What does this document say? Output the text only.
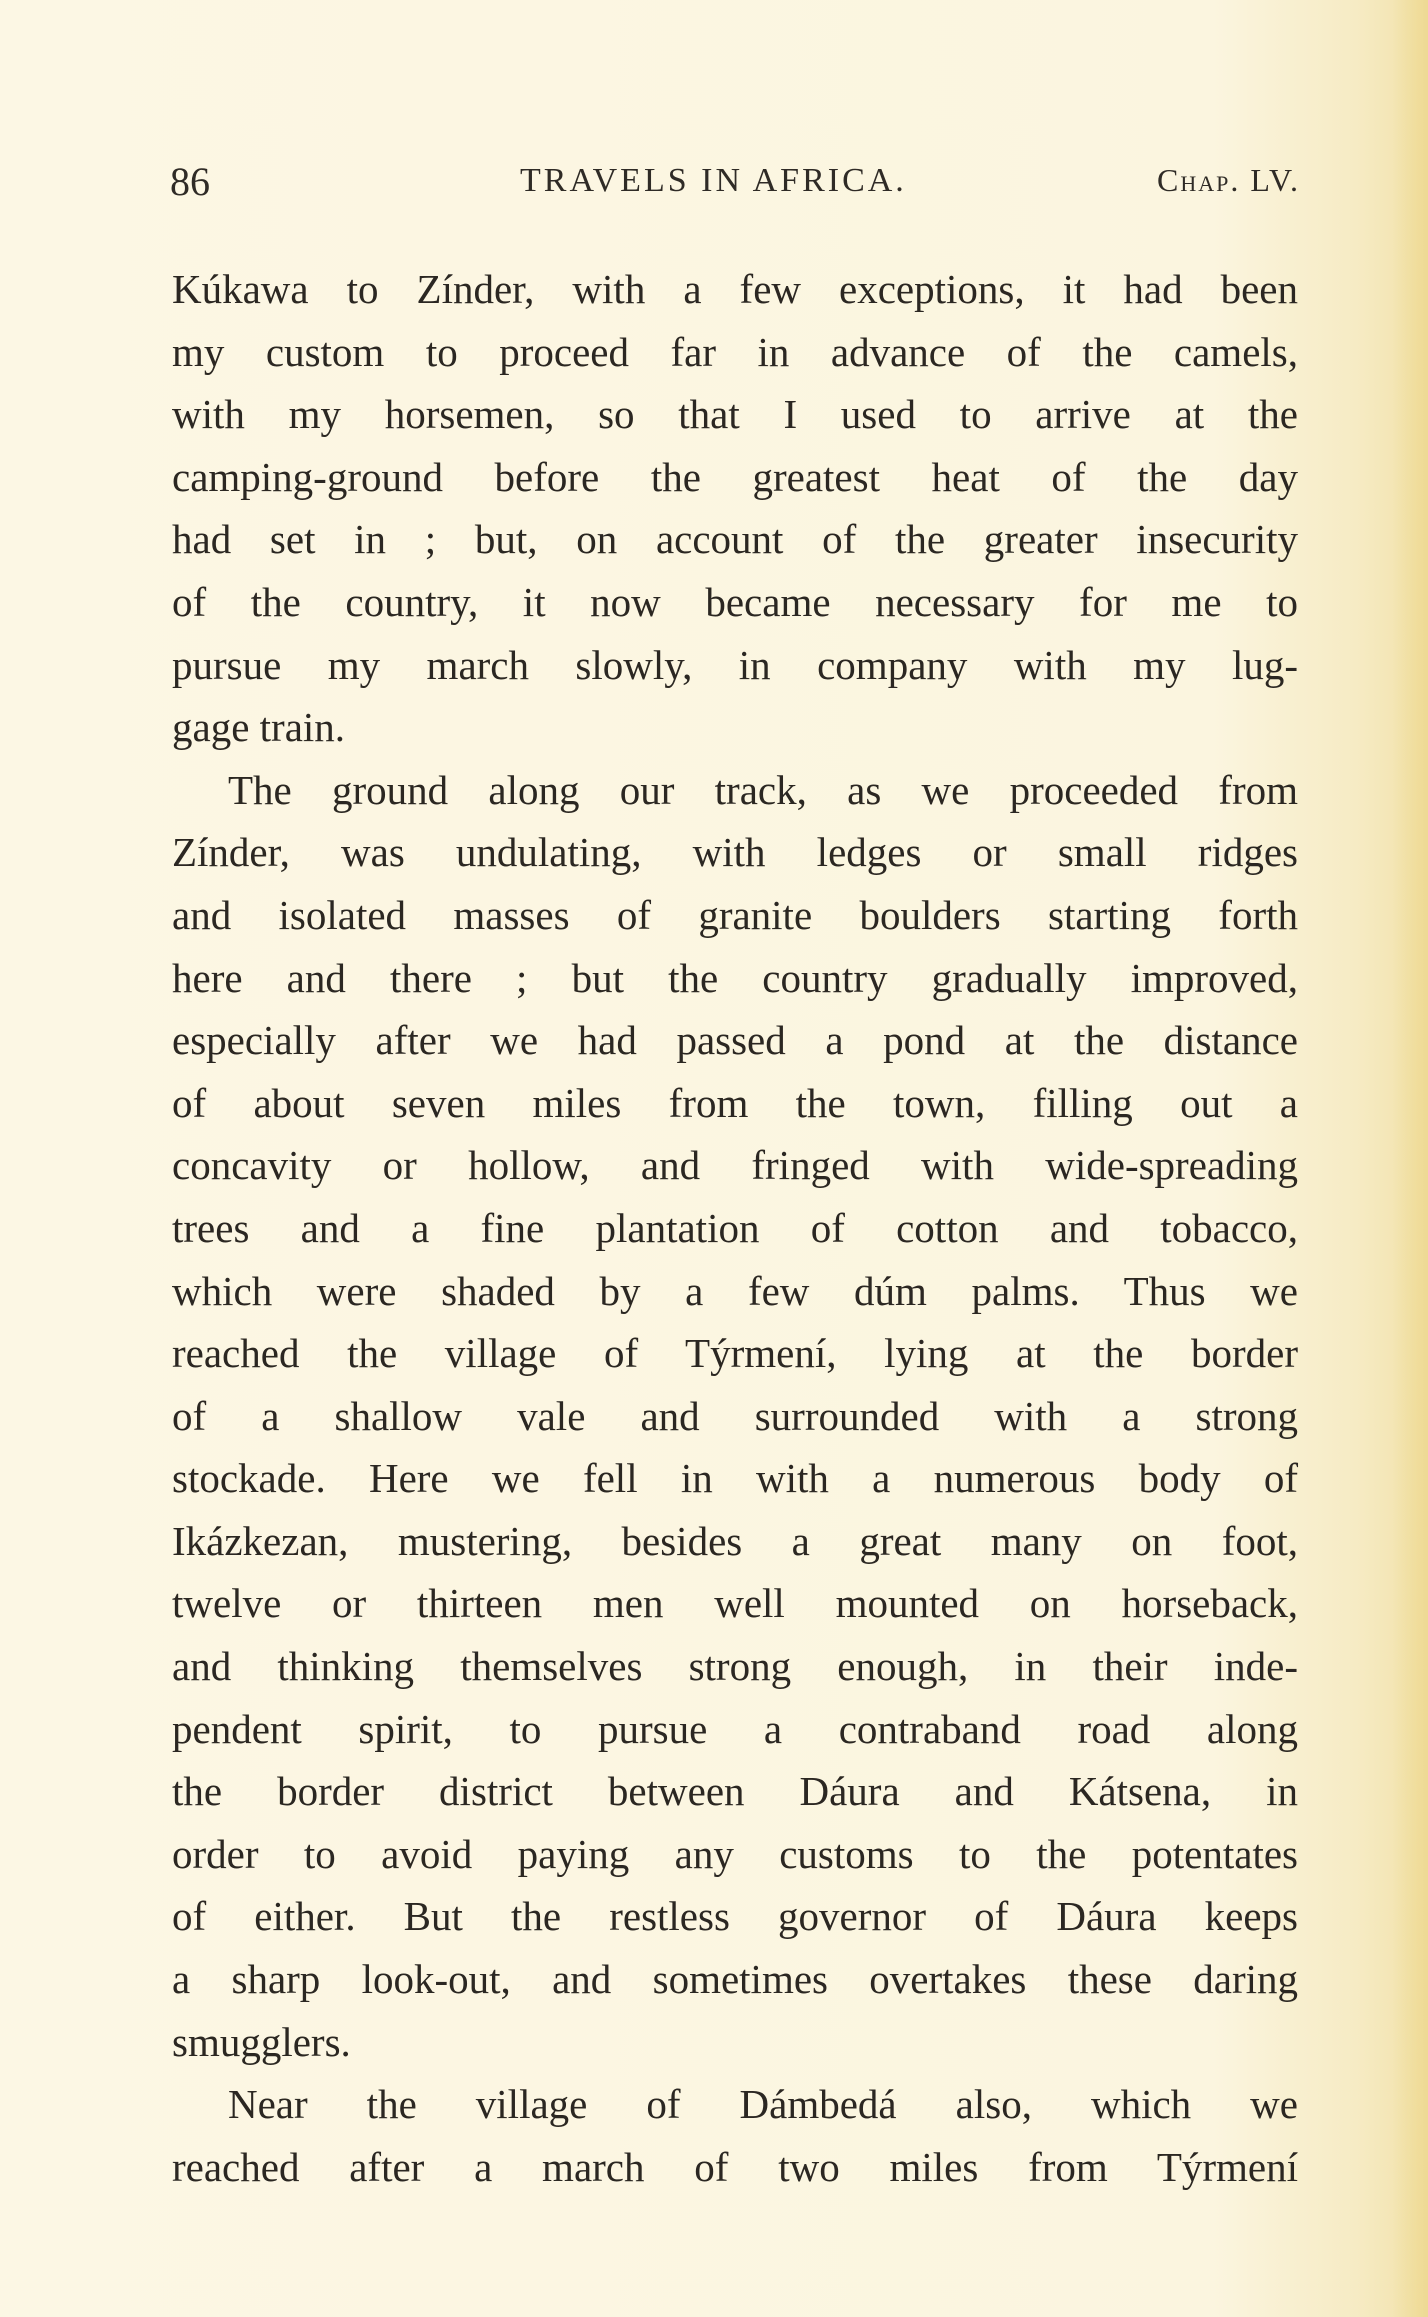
86	TRAVELS IN AFRICA.	Chap. LV.
Kúkawa to Zínder, with a few exceptions, it had been
my custom to proceed far in advance of the camels,
with my horsemen, so that I used to arrive at the
camping-ground before the greatest heat of the day
had set in ; but, on account of the greater insecurity
of the country, it now became necessary for me to
pursue my march slowly, in company with my lug-
gage train.
The ground along our track, as we proceeded from
Zínder, was undulating, with ledges or small ridges
and isolated masses of granite boulders starting forth
here and there ; but the country gradually improved,
especially after we had passed a pond at the distance
of about seven miles from the town, filling out a
concavity or hollow, and fringed with wide-spreading
trees and a fine plantation of cotton and tobacco,
which were shaded by a few dúm palms. Thus we
reached the village of Týrmení, lying at the border
of a shallow vale and surrounded with a strong
stockade. Here we fell in with a numerous body of
Ikázkezan, mustering, besides a great many on foot,
twelve or thirteen men well mounted on horseback,
and thinking themselves strong enough, in their inde-
pendent spirit, to pursue a contraband road along
the border district between Dáura and Kátsena, in
order to avoid paying any customs to the potentates
of either. But the restless governor of Dáura keeps
a sharp look-out, and sometimes overtakes these daring
smugglers.
Near the village of Dámbedá also, which we
reached after a march of two miles from Týrmení
